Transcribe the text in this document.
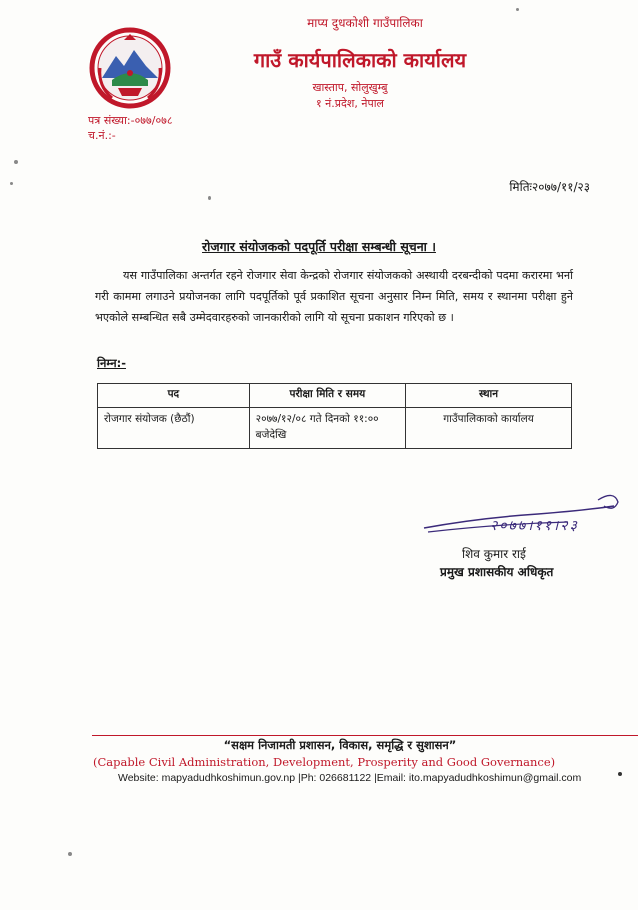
माप्य दुधकोशी गाउँपालिका
गाउँ कार्यपालिकाको कार्यालय
खास्ताप, सोलुखुम्बु
१ नं.प्रदेश, नेपाल
पत्र संख्या:-०७७/०७८
च.नं.:-
मितिः२०७७/११/२३
रोजगार संयोजकको पदपूर्ति परीक्षा सम्बन्धी सूचना ।
यस गाउँपालिका अन्तर्गत रहने रोजगार सेवा केन्द्रको रोजगार संयोजकको अस्थायी दरबन्दीको पदमा करारमा भर्ना गरी काममा लगाउने प्रयोजनका लागि पदपूर्तिको पूर्व प्रकाशित सूचना अनुसार निम्न मिति, समय र स्थानमा परीक्षा हुने भएकोले सम्बन्धित सबै उम्मेदवारहरुको जानकारीको लागि यो सूचना प्रकाशन गरिएको छ ।
निम्न:-
पद	परीक्षा मिति र समय	स्थान
रोजगार संयोजक (छैठौं)	२०७७/१२/०८ गते दिनको ११:०० बजेदेखि	गाउँपालिकाको कार्यालय
२०७७।११।२३
शिव कुमार राई
प्रमुख प्रशासकीय अधिकृत
“सक्षम निजामती प्रशासन, विकास, समृद्धि र सुशासन”
(Capable Civil Administration, Development, Prosperity and Good Governance)
Website: mapyadudhkoshimun.gov.np |Ph: 026681122 |Email: ito.mapyadudhkoshimun@gmail.com
